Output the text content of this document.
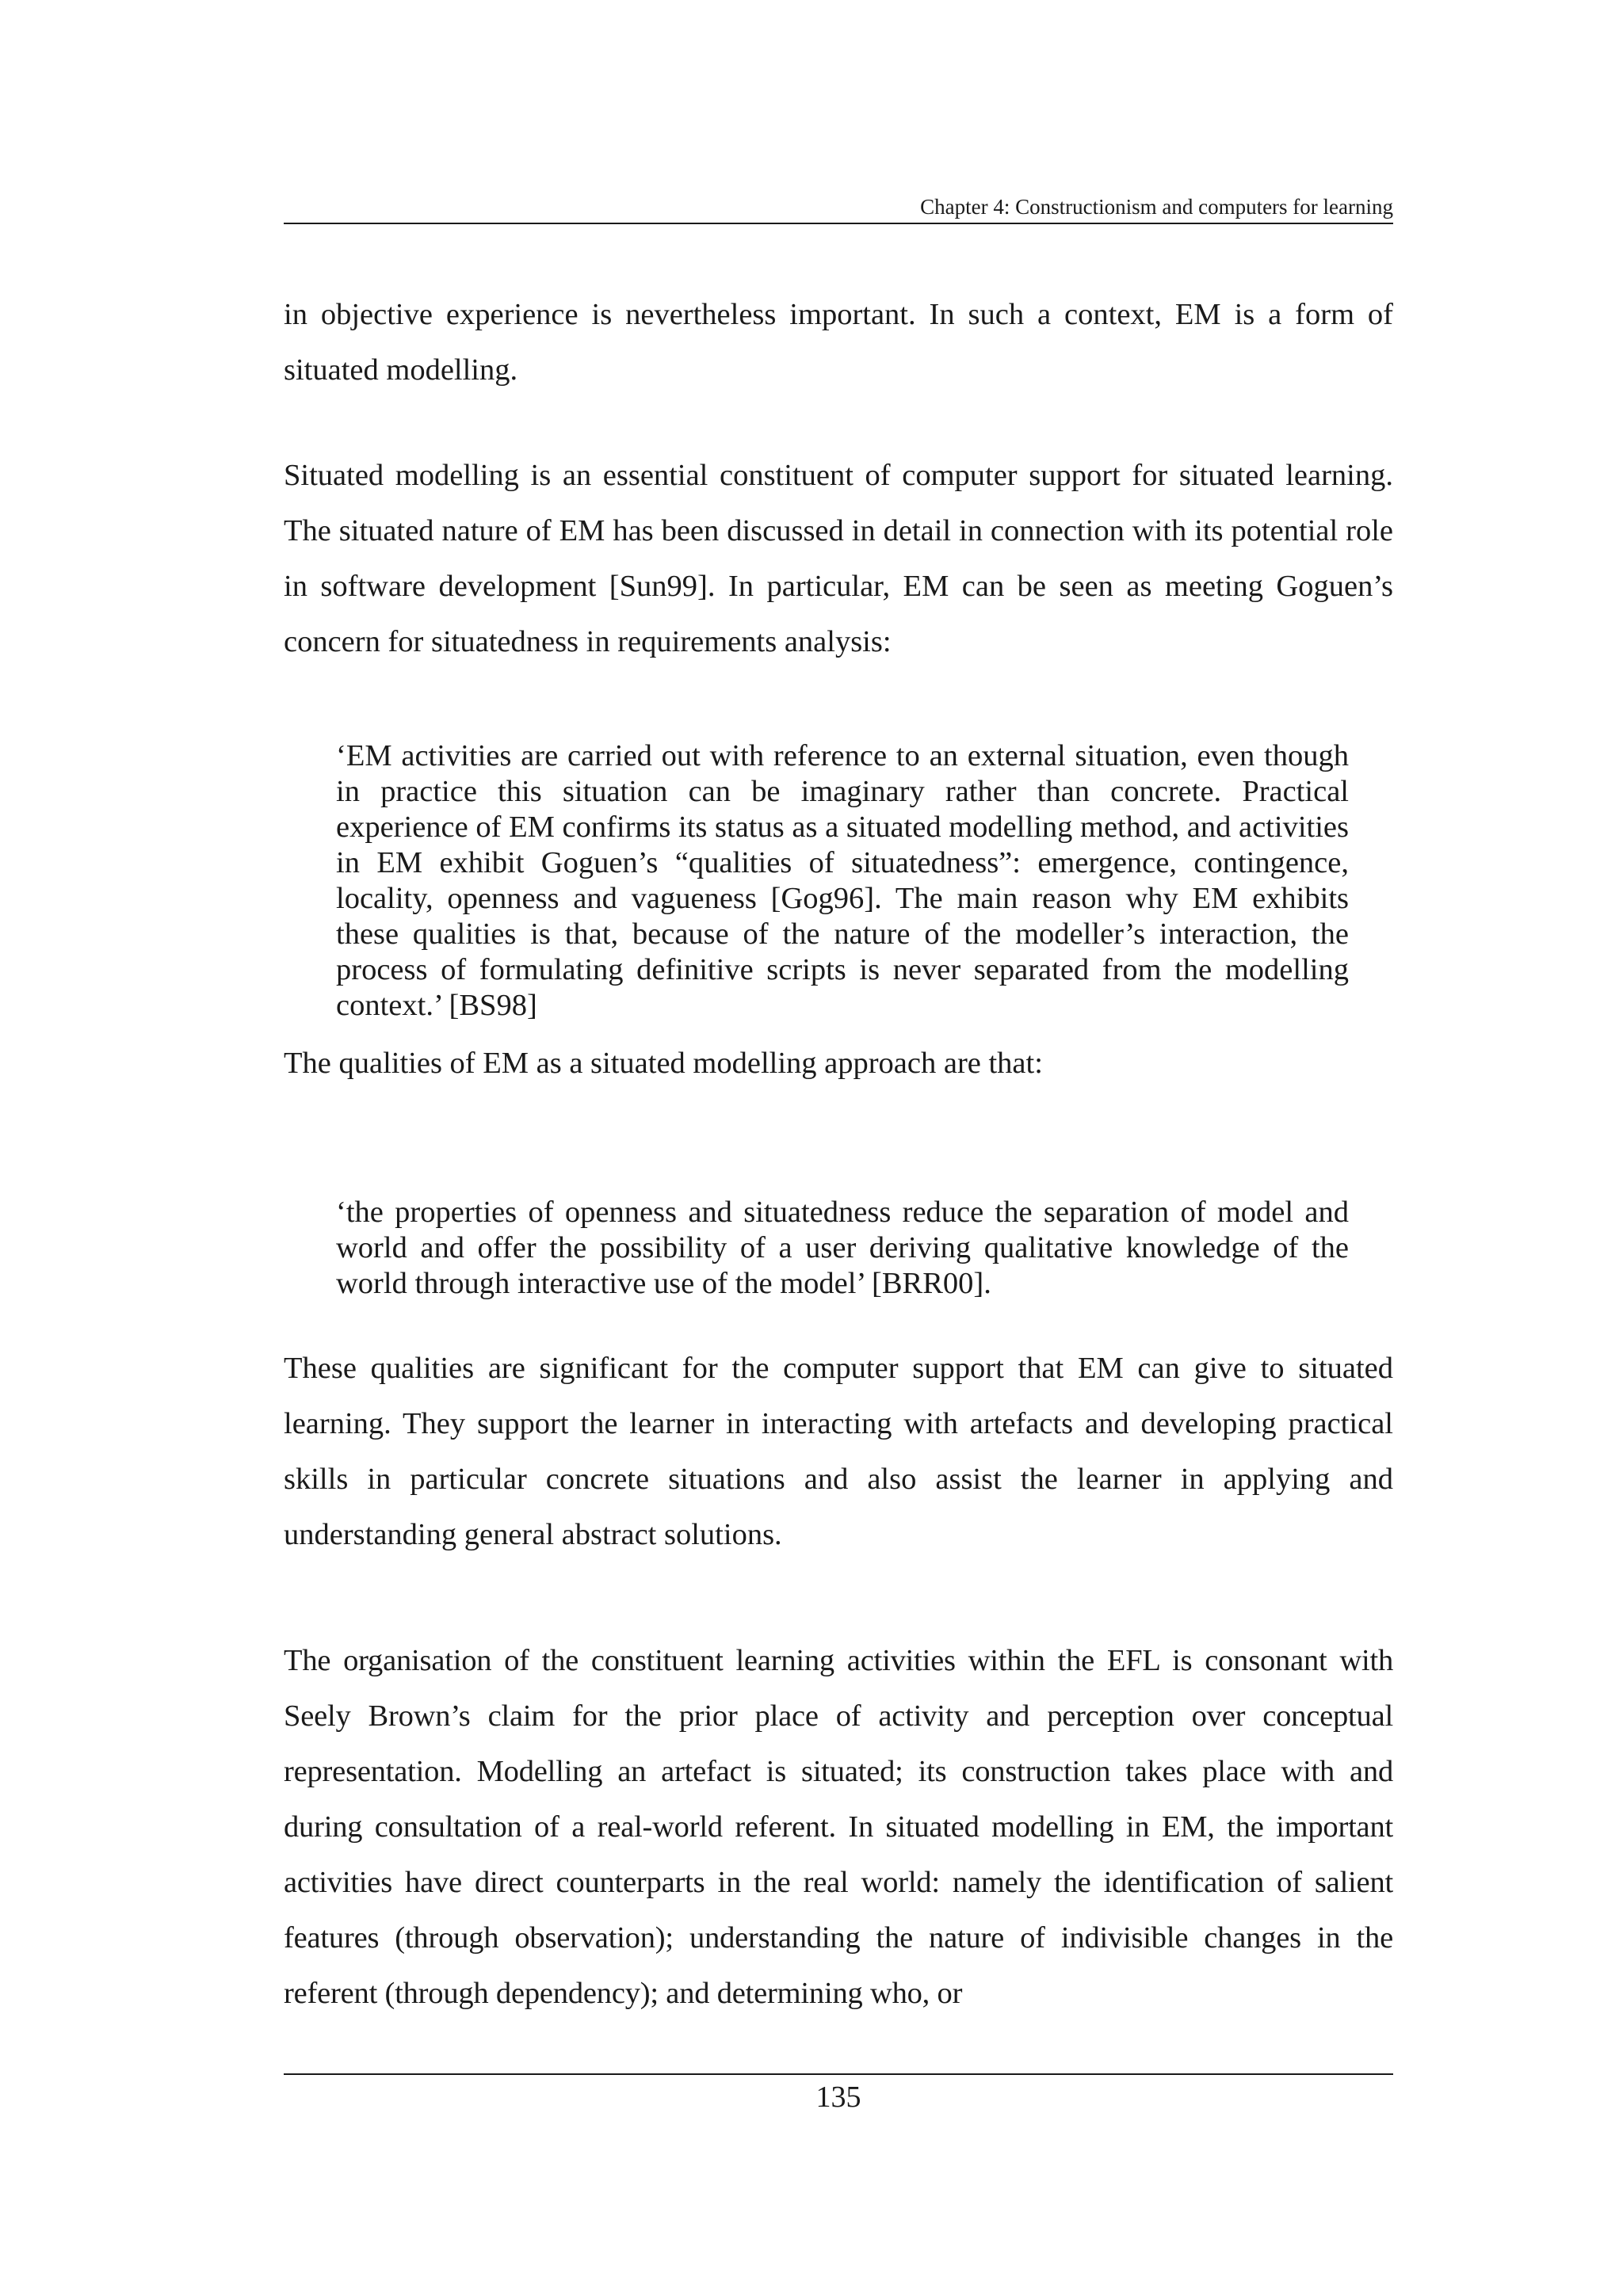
Chapter 4: Constructionism and computers for learning

in objective experience is nevertheless important. In such a context, EM is a form of situated modelling.

Situated modelling is an essential constituent of computer support for situated learning. The situated nature of EM has been discussed in detail in connection with its potential role in software development [Sun99]. In particular, EM can be seen as meeting Goguen’s concern for situatedness in requirements analysis:

‘EM activities are carried out with reference to an external situation, even though in practice this situation can be imaginary rather than concrete. Practical experience of EM confirms its status as a situated modelling method, and activities in EM exhibit Goguen’s “qualities of situatedness”: emergence, contingence, locality, openness and vagueness [Gog96]. The main reason why EM exhibits these qualities is that, because of the nature of the modeller’s interaction, the process of formulating definitive scripts is never separated from the modelling context.’ [BS98]

The qualities of EM as a situated modelling approach are that:

‘the properties of openness and situatedness reduce the separation of model and world and offer the possibility of a user deriving qualitative knowledge of the world through interactive use of the model’ [BRR00].

These qualities are significant for the computer support that EM can give to situated learning. They support the learner in interacting with artefacts and developing practical skills in particular concrete situations and also assist the learner in applying and understanding general abstract solutions.

The organisation of the constituent learning activities within the EFL is consonant with Seely Brown’s claim for the prior place of activity and perception over conceptual representation. Modelling an artefact is situated; its construction takes place with and during consultation of a real-world referent. In situated modelling in EM, the important activities have direct counterparts in the real world: namely the identification of salient features (through observation); understanding the nature of indivisible changes in the referent (through dependency); and determining who, or

135
